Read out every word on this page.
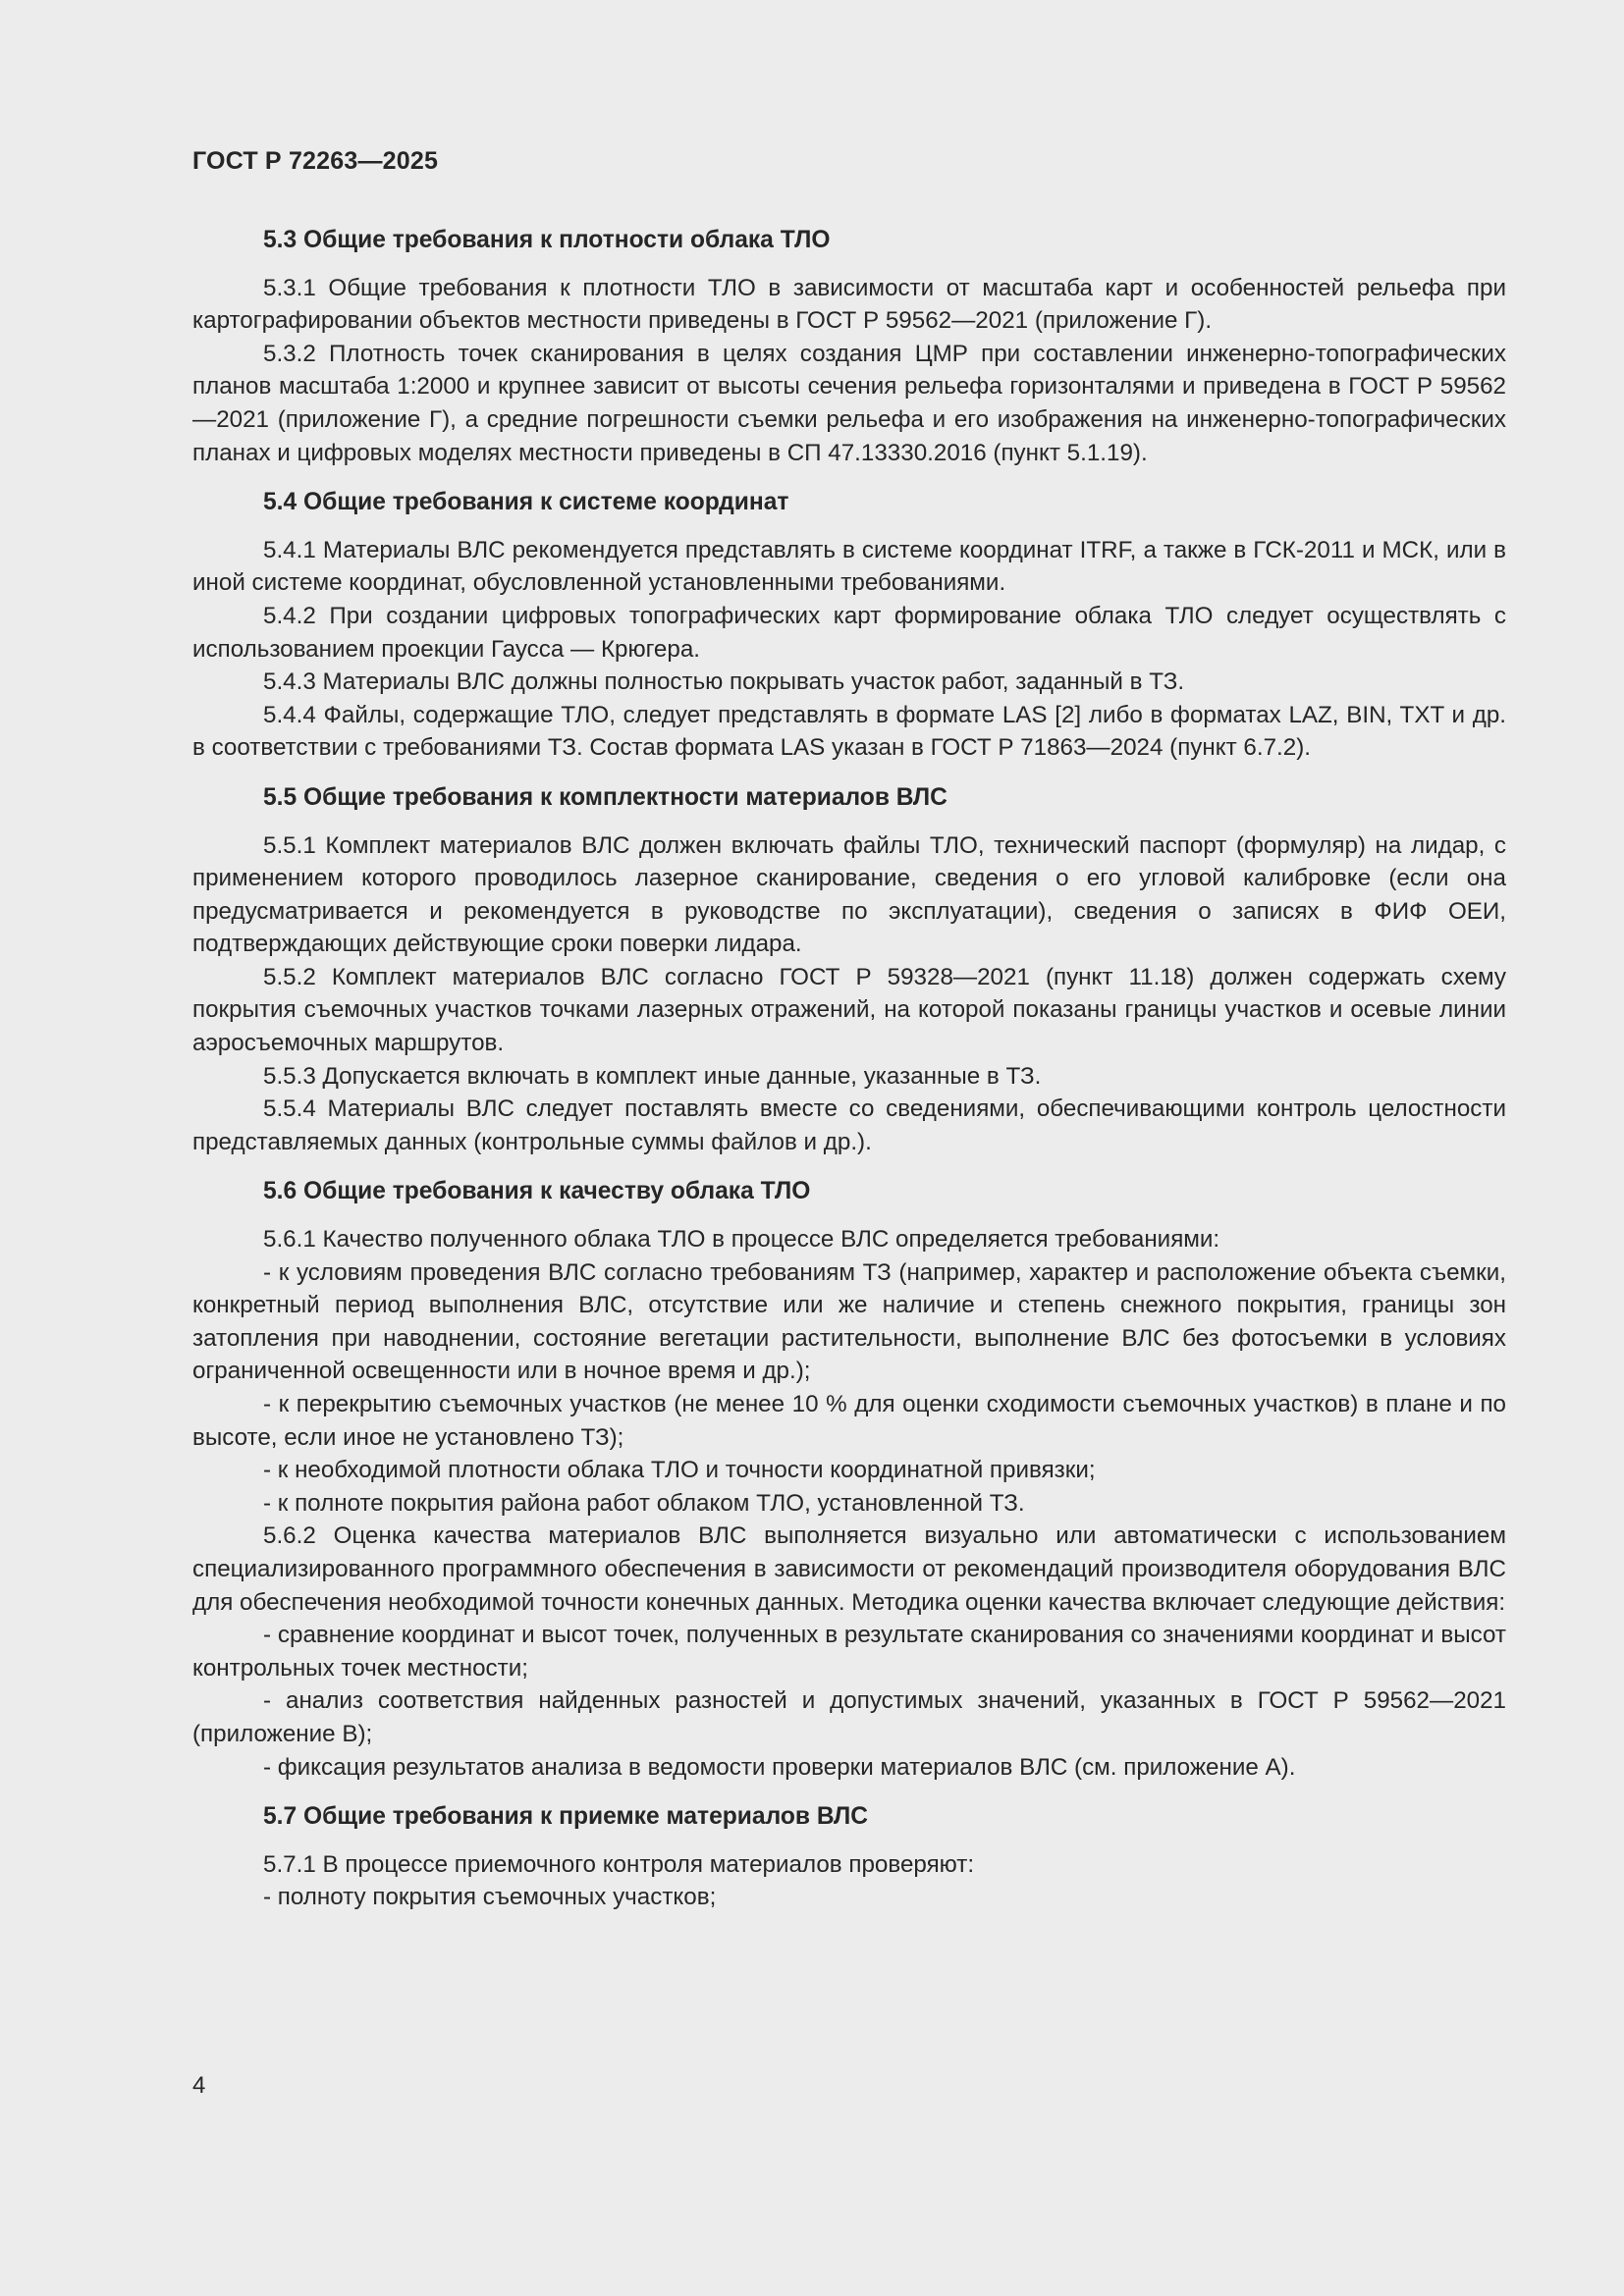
ГОСТ Р 72263—2025
5.3 Общие требования к плотности облака ТЛО

5.3.1 Общие требования к плотности ТЛО в зависимости от масштаба карт и особенностей рельефа при картографировании объектов местности приведены в ГОСТ Р 59562—2021 (приложение Г).

5.3.2 Плотность точек сканирования в целях создания ЦМР при составлении инженерно-топографических планов масштаба 1:2000 и крупнее зависит от высоты сечения рельефа горизонталями и приведена в ГОСТ Р 59562—2021 (приложение Г), а средние погрешности съемки рельефа и его изображения на инженерно-топографических планах и цифровых моделях местности приведены в СП 47.13330.2016 (пункт 5.1.19).

5.4 Общие требования к системе координат

5.4.1 Материалы ВЛС рекомендуется представлять в системе координат ITRF, а также в ГСК-2011 и МСК, или в иной системе координат, обусловленной установленными требованиями.

5.4.2 При создании цифровых топографических карт формирование облака ТЛО следует осуществлять с использованием проекции Гаусса — Крюгера.

5.4.3 Материалы ВЛС должны полностью покрывать участок работ, заданный в ТЗ.

5.4.4 Файлы, содержащие ТЛО, следует представлять в формате LAS [2] либо в форматах LAZ, BIN, TXT и др. в соответствии с требованиями ТЗ. Состав формата LAS указан в ГОСТ Р 71863—2024 (пункт 6.7.2).

5.5 Общие требования к комплектности материалов ВЛС

5.5.1 Комплект материалов ВЛС должен включать файлы ТЛО, технический паспорт (формуляр) на лидар, с применением которого проводилось лазерное сканирование, сведения о его угловой калибровке (если она предусматривается и рекомендуется в руководстве по эксплуатации), сведения о записях в ФИФ ОЕИ, подтверждающих действующие сроки поверки лидара.

5.5.2 Комплект материалов ВЛС согласно ГОСТ Р 59328—2021 (пункт 11.18) должен содержать схему покрытия съемочных участков точками лазерных отражений, на которой показаны границы участков и осевые линии аэросъемочных маршрутов.

5.5.3 Допускается включать в комплект иные данные, указанные в ТЗ.

5.5.4 Материалы ВЛС следует поставлять вместе со сведениями, обеспечивающими контроль целостности представляемых данных (контрольные суммы файлов и др.).

5.6 Общие требования к качеству облака ТЛО

5.6.1 Качество полученного облака ТЛО в процессе ВЛС определяется требованиями:

- к условиям проведения ВЛС согласно требованиям ТЗ (например, характер и расположение объекта съемки, конкретный период выполнения ВЛС, отсутствие или же наличие и степень снежного покрытия, границы зон затопления при наводнении, состояние вегетации растительности, выполнение ВЛС без фотосъемки в условиях ограниченной освещенности или в ночное время и др.);

- к перекрытию съемочных участков (не менее 10 % для оценки сходимости съемочных участков) в плане и по высоте, если иное не установлено ТЗ);

- к необходимой плотности облака ТЛО и точности координатной привязки;

- к полноте покрытия района работ облаком ТЛО, установленной ТЗ.

5.6.2 Оценка качества материалов ВЛС выполняется визуально или автоматически с использованием специализированного программного обеспечения в зависимости от рекомендаций производителя оборудования ВЛС для обеспечения необходимой точности конечных данных. Методика оценки качества включает следующие действия:

- сравнение координат и высот точек, полученных в результате сканирования со значениями координат и высот контрольных точек местности;

- анализ соответствия найденных разностей и допустимых значений, указанных в ГОСТ Р 59562—2021 (приложение В);

- фиксация результатов анализа в ведомости проверки материалов ВЛС (см. приложение А).

5.7 Общие требования к приемке материалов ВЛС

5.7.1 В процессе приемочного контроля материалов проверяют:

- полноту покрытия съемочных участков;

4
